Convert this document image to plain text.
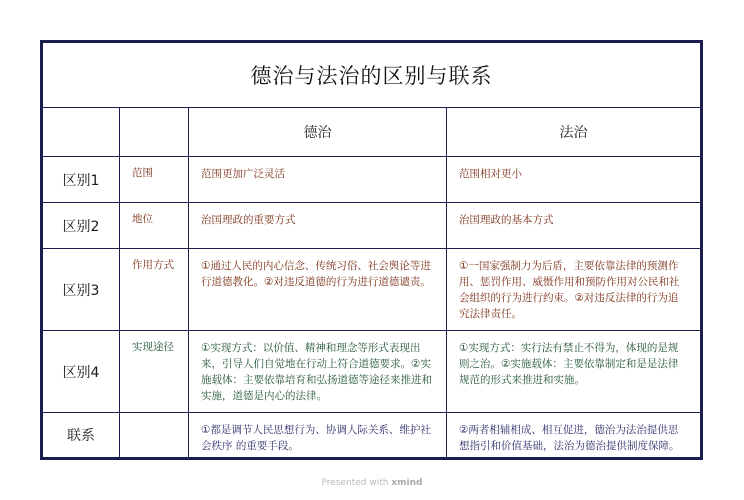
德治与法治的区别与联系			
		德治	法治
区别1	范围	范围更加广泛灵活	范围相对更小
区别2	地位	治国理政的重要方式	治国理政的基本方式
区别3	作用方式	①通过人民的内心信念、传统习俗、社会舆论等进行道德教化。②对违反道德的行为进行道德谴责。	①一国家强制力为后盾，主要依靠法律的预测作用、惩罚作用、威慑作用和预防作用对公民和社会组织的行为进行约束。②对违反法律的行为追究法律责任。
区别4	实现途径	①实现方式：以价值、精神和理念等形式表现出来，引导人们自觉地在行动上符合道德要求。②实施载体：主要依靠培育和弘扬道德等途径来推进和实施，道德是内心的法律。	①实现方式：实行法有禁止不得为，体现的是规则之治。②实施载体：主要依靠制定和是是法律规范的形式来推进和实施。
联系		①都是调节人民思想行为、协调人际关系、维护社会秩序 的重要手段。	②两者相辅相成、相互促进，德治为法治提供思想指引和价值基础，法治为德治提供制度保障。
Presented with xmind
